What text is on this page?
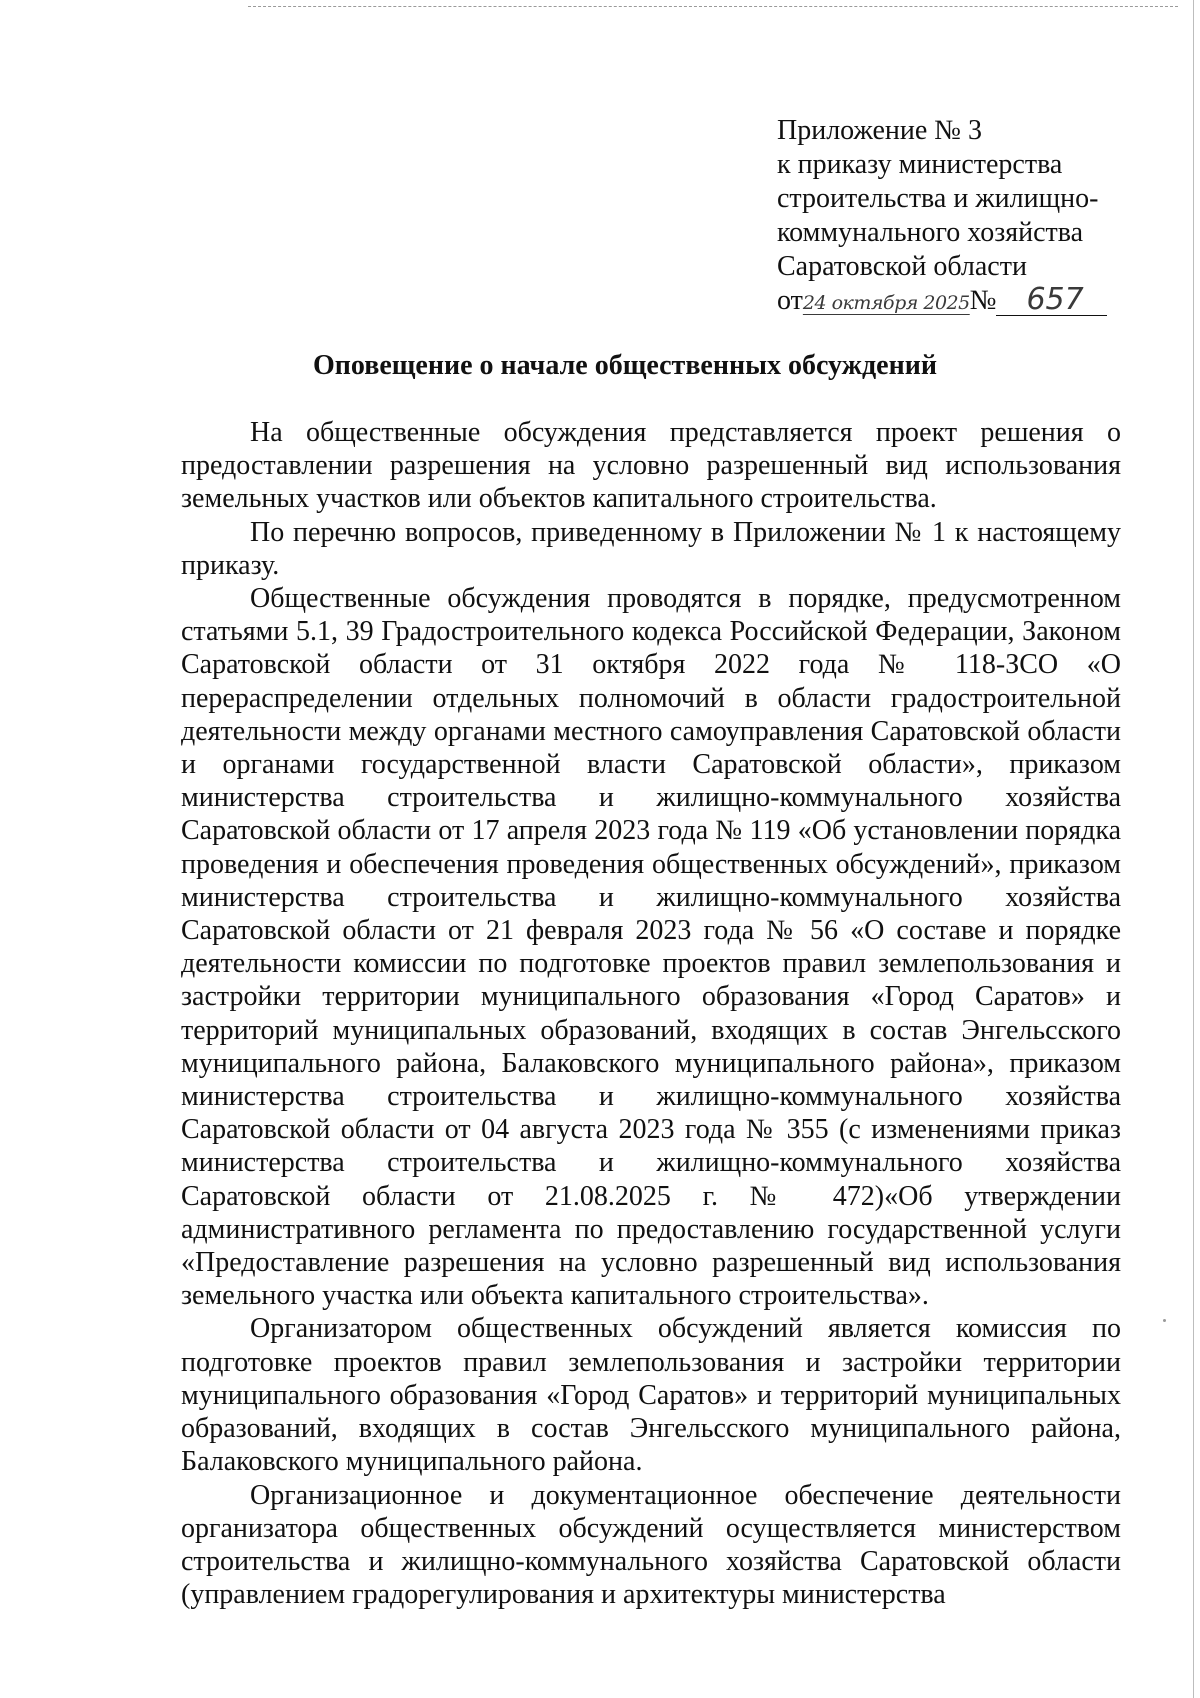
Приложение № 3
к приказу министерства
строительства и жилищно-
коммунального хозяйства
Саратовской области
от 24 октября 2025 №	657
Оповещение о начале общественных обсуждений

На общественные обсуждения представляется проект решения о предоставлении разрешения на условно разрешенный вид использования земельных участков или объектов капитального строительства.

По перечню вопросов, приведенному в Приложении № 1 к настоящему приказу.

Общественные обсуждения проводятся в порядке, предусмотренном статьями 5.1, 39 Градостроительного кодекса Российской Федерации, Законом Саратовской области от 31 октября 2022 года № 118-ЗСО «О перераспределении отдельных полномочий в области градостроительной деятельности между органами местного самоуправления Саратовской области и органами государственной власти Саратовской области», приказом министерства строительства и жилищно-коммунального хозяйства Саратовской области от 17 апреля 2023 года № 119 «Об установлении порядка проведения и обеспечения проведения общественных обсуждений», приказом министерства строительства и жилищно-коммунального хозяйства Саратовской области от 21 февраля 2023 года № 56 «О составе и порядке деятельности комиссии по подготовке проектов правил землепользования и застройки территории муниципального образования «Город Саратов» и территорий муниципальных образований, входящих в состав Энгельсского муниципального района, Балаковского муниципального района», приказом министерства строительства и жилищно-коммунального хозяйства Саратовской области от 04 августа 2023 года № 355 (с изменениями приказ министерства строительства и жилищно-коммунального хозяйства Саратовской области от 21.08.2025 г. № 472)«Об утверждении административного регламента по предоставлению государственной услуги «Предоставление разрешения на условно разрешенный вид использования земельного участка или объекта капитального строительства».

Организатором общественных обсуждений является комиссия по подготовке проектов правил землепользования и застройки территории муниципального образования «Город Саратов» и территорий муниципальных образований, входящих в состав Энгельсского муниципального района, Балаковского муниципального района.

Организационное и документационное обеспечение деятельности организатора общественных обсуждений осуществляется министерством строительства и жилищно-коммунального хозяйства Саратовской области (управлением градорегулирования и архитектуры министерства
